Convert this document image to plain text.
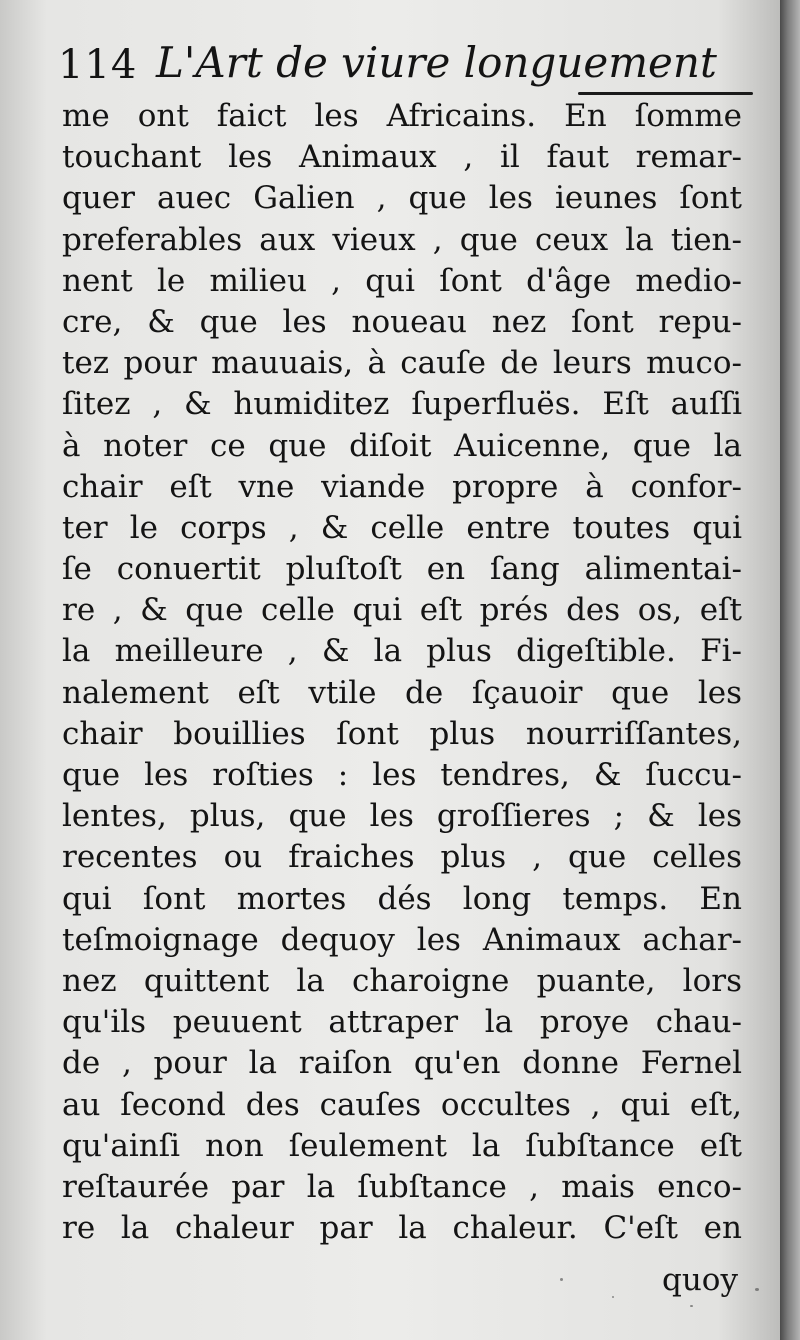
114 L'Art de viure longuement
me ont faict les Africains. En ſomme
touchant les Animaux , il faut remar-
quer auec Galien , que les ieunes ſont
preferables aux vieux , que ceux la tien-
nent le milieu , qui ſont d'âge medio-
cre, & que les noueau nez ſont repu-
tez pour mauuais, à cauſe de leurs muco-
ſitez , & humiditez ſuperfluës. Eſt auſſi
à noter ce que diſoit Auicenne, que la
chair eſt vne viande propre à confor-
ter le corps , & celle entre toutes qui
ſe conuertit pluſtoſt en ſang alimentai-
re , & que celle qui eſt prés des os, eſt
la meilleure , & la plus digeſtible. Fi-
nalement eſt vtile de ſçauoir que les
chair bouillies ſont plus nourriſſantes,
que les roſties : les tendres, & ſuccu-
lentes, plus, que les groſſieres ; & les
recentes ou fraiches plus , que celles
qui ſont mortes dés long temps. En
teſmoignage dequoy les Animaux achar-
nez quittent la charoigne puante, lors
qu'ils peuuent attraper la proye chau-
de , pour la raiſon qu'en donne Fernel
au ſecond des cauſes occultes , qui eſt,
qu'ainſi non ſeulement la ſubſtance eſt
reſtaurée par la ſubſtance , mais enco-
re la chaleur par la chaleur. C'eſt en
quoy
